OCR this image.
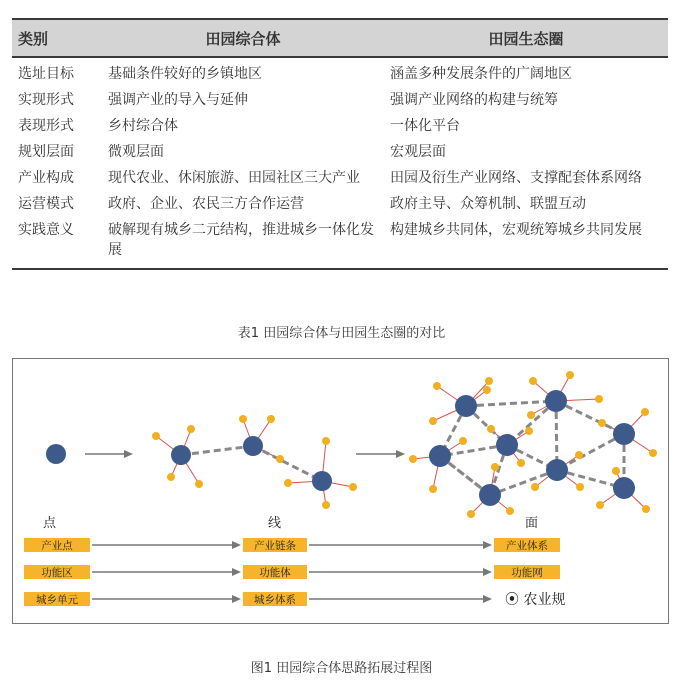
类别	田园综合体	田园生态圈
选址目标	基础条件较好的乡镇地区	涵盖多种发展条件的广阔地区
实现形式	强调产业的导入与延伸	强调产业网络的构建与统筹
表现形式	乡村综合体	一体化平台
规划层面	微观层面	宏观层面
产业构成	现代农业、休闲旅游、田园社区三大产业	田园及衍生产业网络、支撑配套体系网络
运营模式	政府、企业、农民三方合作运营	政府主导、众筹机制、联盟互动
实践意义	破解现有城乡二元结构，推进城乡一体化发展	构建城乡共同体，宏观统筹城乡共同发展
表1 田园综合体与田园生态圈的对比
点	线	面
产业点	产业链条	产业体系
功能区	功能体	功能网
城乡单元	城乡体系	⦿ 农业规
图1 田园综合体思路拓展过程图
